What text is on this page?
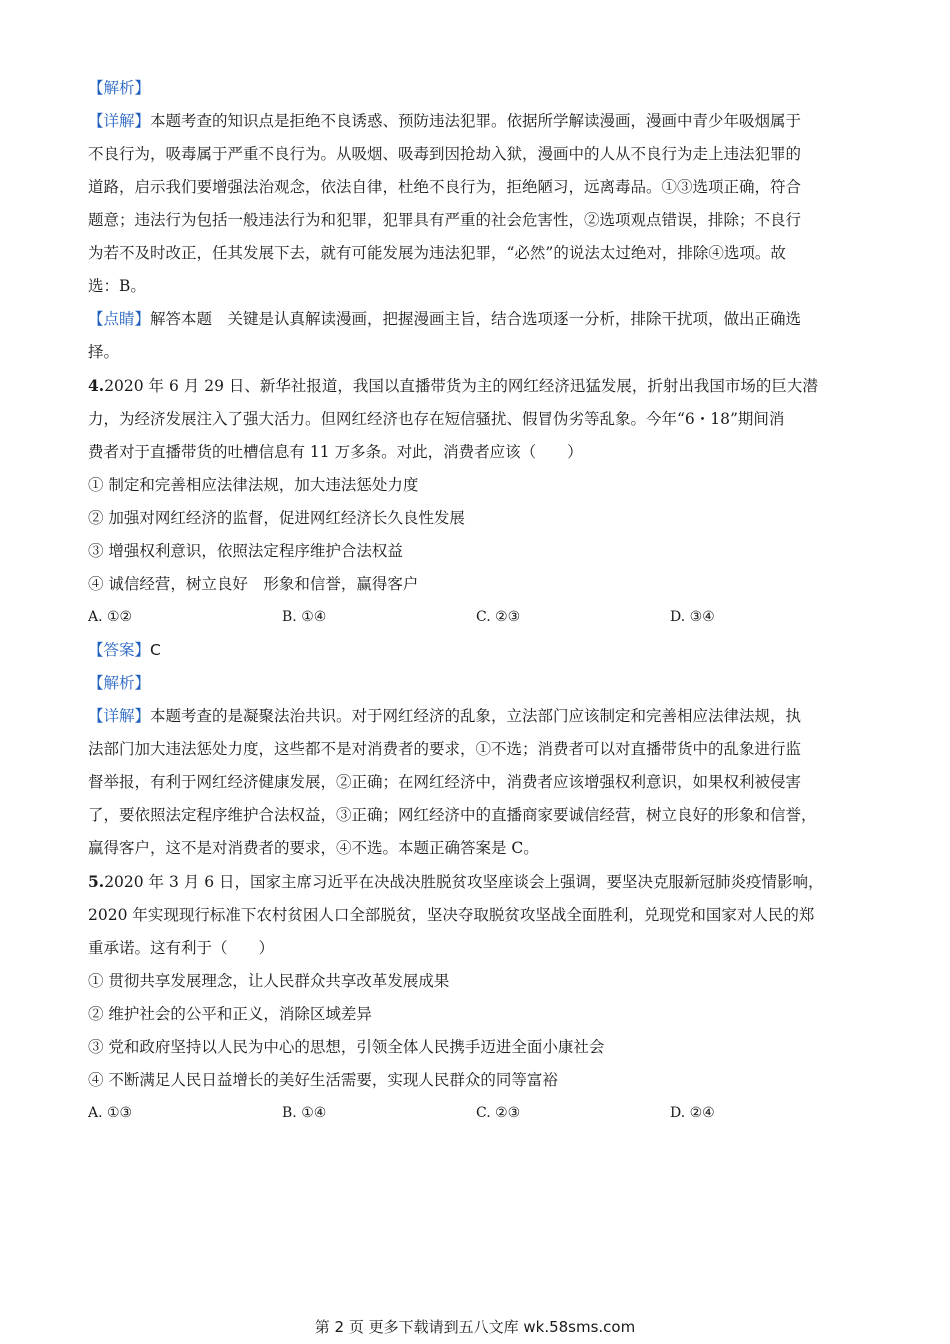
【解析】

【详解】本题考查的知识点是拒绝不良诱惑、预防违法犯罪。依据所学解读漫画，漫画中青少年吸烟属于

不良行为，吸毒属于严重不良行为。从吸烟、吸毒到因抢劫入狱，漫画中的人从不良行为走上违法犯罪的

道路，启示我们要增强法治观念，依法自律，杜绝不良行为，拒绝陋习，远离毒品。①③选项正确，符合

题意；违法行为包括一般违法行为和犯罪，犯罪具有严重的社会危害性，②选项观点错误，排除；不良行

为若不及时改正，任其发展下去，就有可能发展为违法犯罪，“必然”的说法太过绝对，排除④选项。故

选：B。

【点睛】解答本题　关键是认真解读漫画，把握漫画主旨，结合选项逐一分析，排除干扰项，做出正确选

择。

4.2020 年 6 月 29 日、新华社报道，我国以直播带货为主的网红经济迅猛发展，折射出我国市场的巨大潜

力，为经济发展注入了强大活力。但网红经济也存在短信骚扰、假冒伪劣等乱象。今年“6・18”期间消

费者对于直播带货的吐槽信息有 11 万多条。对此，消费者应该（　　）

① 制定和完善相应法律法规，加大违法惩处力度

② 加强对网红经济的监督，促进网红经济长久良性发展

③ 增强权利意识，依照法定程序维护合法权益

④ 诚信经营，树立良好　形象和信誉，赢得客户

A. ①②	B. ①④	C. ②③	D. ③④

【答案】C

【解析】

【详解】本题考查的是凝聚法治共识。对于网红经济的乱象，立法部门应该制定和完善相应法律法规，执

法部门加大违法惩处力度，这些都不是对消费者的要求，①不选；消费者可以对直播带货中的乱象进行监

督举报，有利于网红经济健康发展，②正确；在网红经济中，消费者应该增强权利意识，如果权利被侵害

了，要依照法定程序维护合法权益，③正确；网红经济中的直播商家要诚信经营，树立良好的形象和信誉，

赢得客户，这不是对消费者的要求，④不选。本题正确答案是 C。

5.2020 年 3 月 6 日，国家主席习近平在决战决胜脱贫攻坚座谈会上强调，要坚决克服新冠肺炎疫情影响，

2020 年实现现行标准下农村贫困人口全部脱贫，坚决夺取脱贫攻坚战全面胜利，兑现党和国家对人民的郑

重承诺。这有利于（　　）

① 贯彻共享发展理念，让人民群众共享改革发展成果

② 维护社会的公平和正义，消除区域差异

③ 党和政府坚持以人民为中心的思想，引领全体人民携手迈进全面小康社会

④ 不断满足人民日益增长的美好生活需要，实现人民群众的同等富裕

A. ①③	B. ①④	C. ②③	D. ②④
第 2 页 更多下载请到五八文库 wk.58sms.com
